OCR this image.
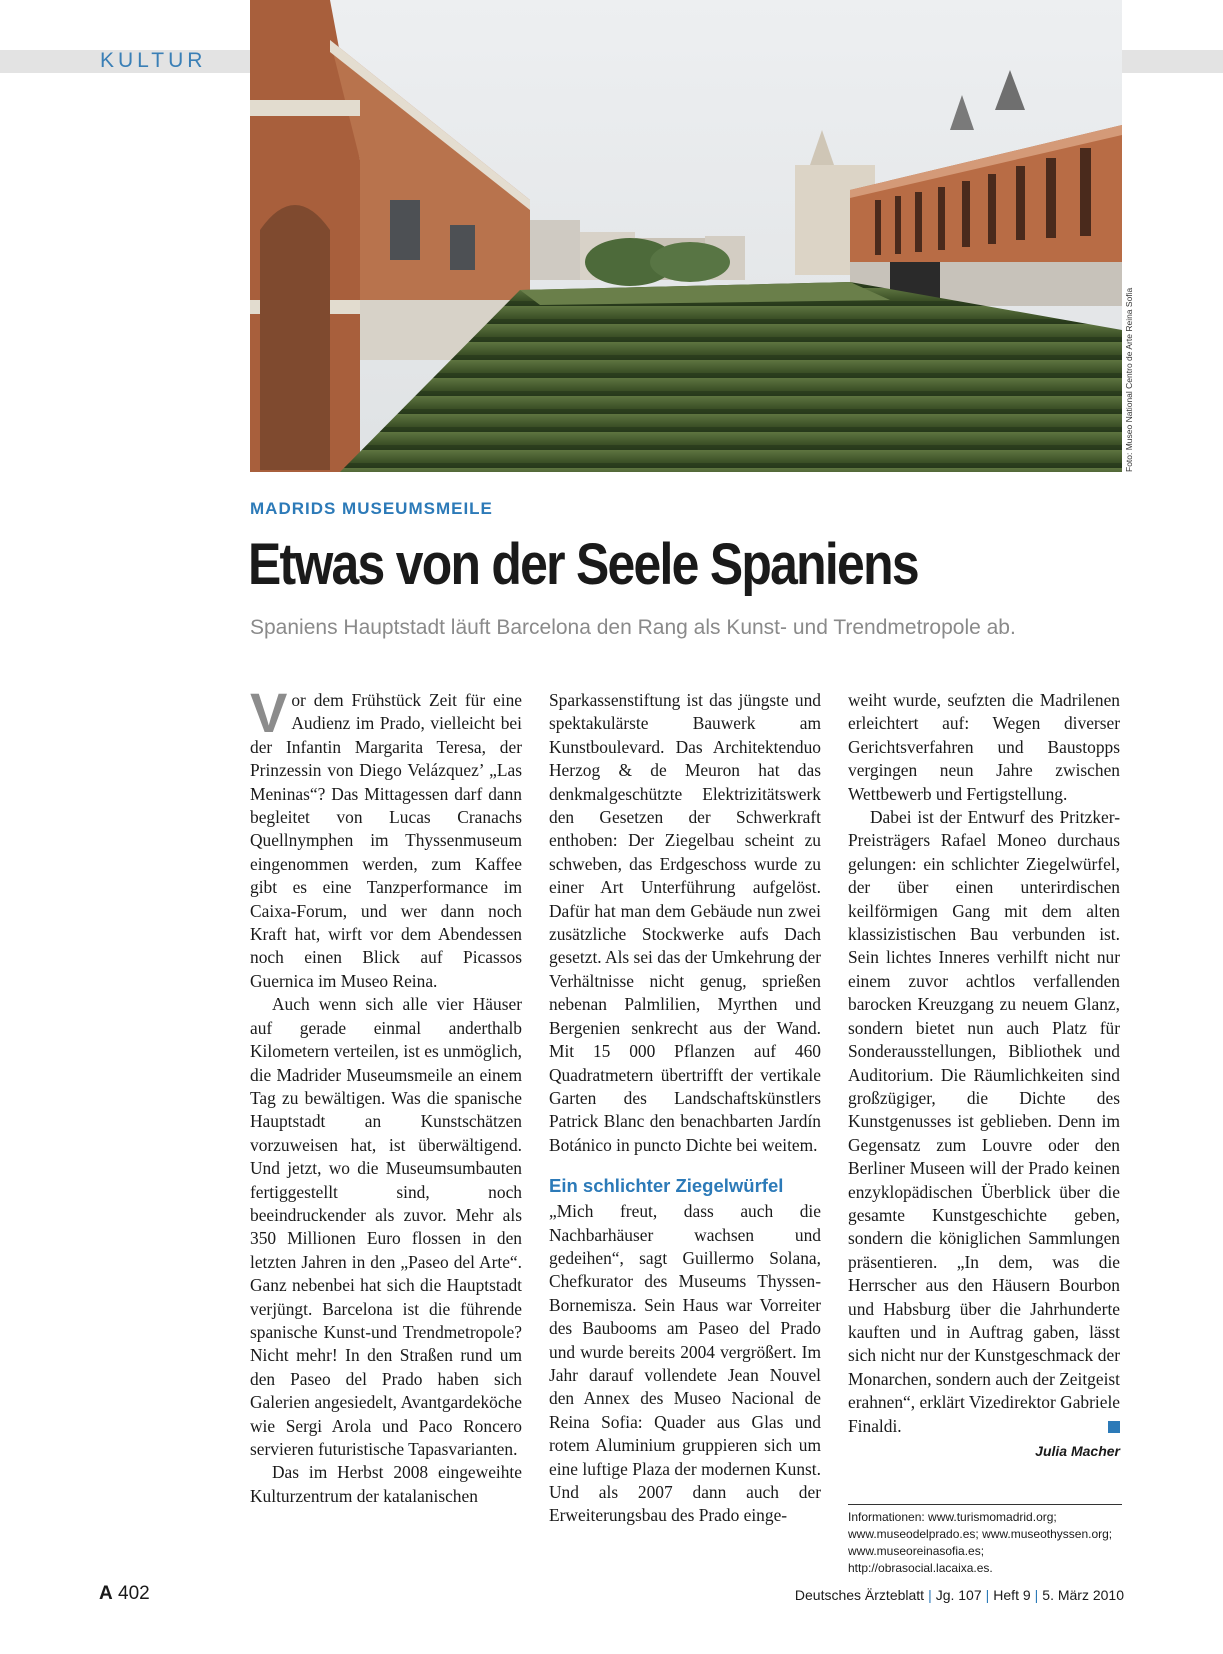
KULTUR
Foto: Museo National Centro de Arte Reina Sofia
MADRIDS MUSEUMSMEILE
Etwas von der Seele Spaniens
Spaniens Hauptstadt läuft Barcelona den Rang als Kunst- und Trendmetropole ab.

Vor dem Frühstück Zeit für eine Audienz im Prado, vielleicht bei der Infantin Margarita Teresa, der Prinzessin von Diego Velázquez’ „Las Meninas“? Das Mittagessen darf dann begleitet von Lucas Cranachs Quellnymphen im Thyssenmuseum eingenommen werden, zum Kaffee gibt es eine Tanzperformance im Caixa-Forum, und wer dann noch Kraft hat, wirft vor dem Abendessen noch einen Blick auf Picassos Guernica im Museo Reina.

Auch wenn sich alle vier Häuser auf gerade einmal anderthalb Kilometern verteilen, ist es unmöglich, die Madrider Museumsmeile an einem Tag zu bewältigen. Was die spanische Hauptstadt an Kunstschätzen vorzuweisen hat, ist überwältigend. Und jetzt, wo die Museumsumbauten fertiggestellt sind, noch beeindruckender als zuvor. Mehr als 350 Millionen Euro flossen in den letzten Jahren in den „Paseo del Arte“. Ganz nebenbei hat sich die Hauptstadt verjüngt. Barcelona ist die führende spanische Kunst-und Trendmetropole? Nicht mehr! In den Straßen rund um den Paseo del Prado haben sich Galerien angesiedelt, Avantgardeköche wie Sergi Arola und Paco Roncero servieren futuristische Tapasvarianten.

Das im Herbst 2008 eingeweihte Kulturzentrum der katalanischen

Sparkassenstiftung ist das jüngste und spektakulärste Bauwerk am Kunstboulevard. Das Architektenduo Herzog & de Meuron hat das denkmalgeschützte Elektrizitätswerk den Gesetzen der Schwerkraft enthoben: Der Ziegelbau scheint zu schweben, das Erdgeschoss wurde zu einer Art Unterführung aufgelöst. Dafür hat man dem Gebäude nun zwei zusätzliche Stockwerke aufs Dach gesetzt. Als sei das der Umkehrung der Verhältnisse nicht genug, sprießen nebenan Palmlilien, Myrthen und Bergenien senkrecht aus der Wand. Mit 15 000 Pflanzen auf 460 Quadratmetern übertrifft der vertikale Garten des Landschaftskünstlers Patrick Blanc den benachbarten Jardín Botánico in puncto Dichte bei weitem.

Ein schlichter Ziegelwürfel

„Mich freut, dass auch die Nachbarhäuser wachsen und gedeihen“, sagt Guillermo Solana, Chefkurator des Museums Thyssen-Bornemisza. Sein Haus war Vorreiter des Baubooms am Paseo del Prado und wurde bereits 2004 vergrößert. Im Jahr darauf vollendete Jean Nouvel den Annex des Museo Nacional de Reina Sofia: Quader aus Glas und rotem Aluminium gruppieren sich um eine luftige Plaza der modernen Kunst. Und als 2007 dann auch der Erweiterungsbau des Prado einge-

weiht wurde, seufzten die Madrilenen erleichtert auf: Wegen diverser Gerichtsverfahren und Baustopps vergingen neun Jahre zwischen Wettbewerb und Fertigstellung.

Dabei ist der Entwurf des Pritzker-Preisträgers Rafael Moneo durchaus gelungen: ein schlichter Ziegelwürfel, der über einen unterirdischen keilförmigen Gang mit dem alten klassizistischen Bau verbunden ist. Sein lichtes Inneres verhilft nicht nur einem zuvor achtlos verfallenden barocken Kreuzgang zu neuem Glanz, sondern bietet nun auch Platz für Sonderausstellungen, Bibliothek und Auditorium. Die Räumlichkeiten sind großzügiger, die Dichte des Kunstgenusses ist geblieben. Denn im Gegensatz zum Louvre oder den Berliner Museen will der Prado keinen enzyklopädischen Überblick über die gesamte Kunstgeschichte geben, sondern die königlichen Sammlungen präsentieren. „In dem, was die Herrscher aus den Häusern Bourbon und Habsburg über die Jahrhunderte kauften und in Auftrag gaben, lässt sich nicht nur der Kunstgeschmack der Monarchen, sondern auch der Zeitgeist erahnen“, erklärt Vizedirektor Gabriele Finaldi.

Julia Macher
Informationen: www.turismomadrid.org; www.museodelprado.es; www.museothyssen.org; www.museoreinasofia.es; http://obrasocial.lacaixa.es.
A 402	Deutsches Ärzteblatt | Jg. 107 | Heft 9 | 5. März 2010
